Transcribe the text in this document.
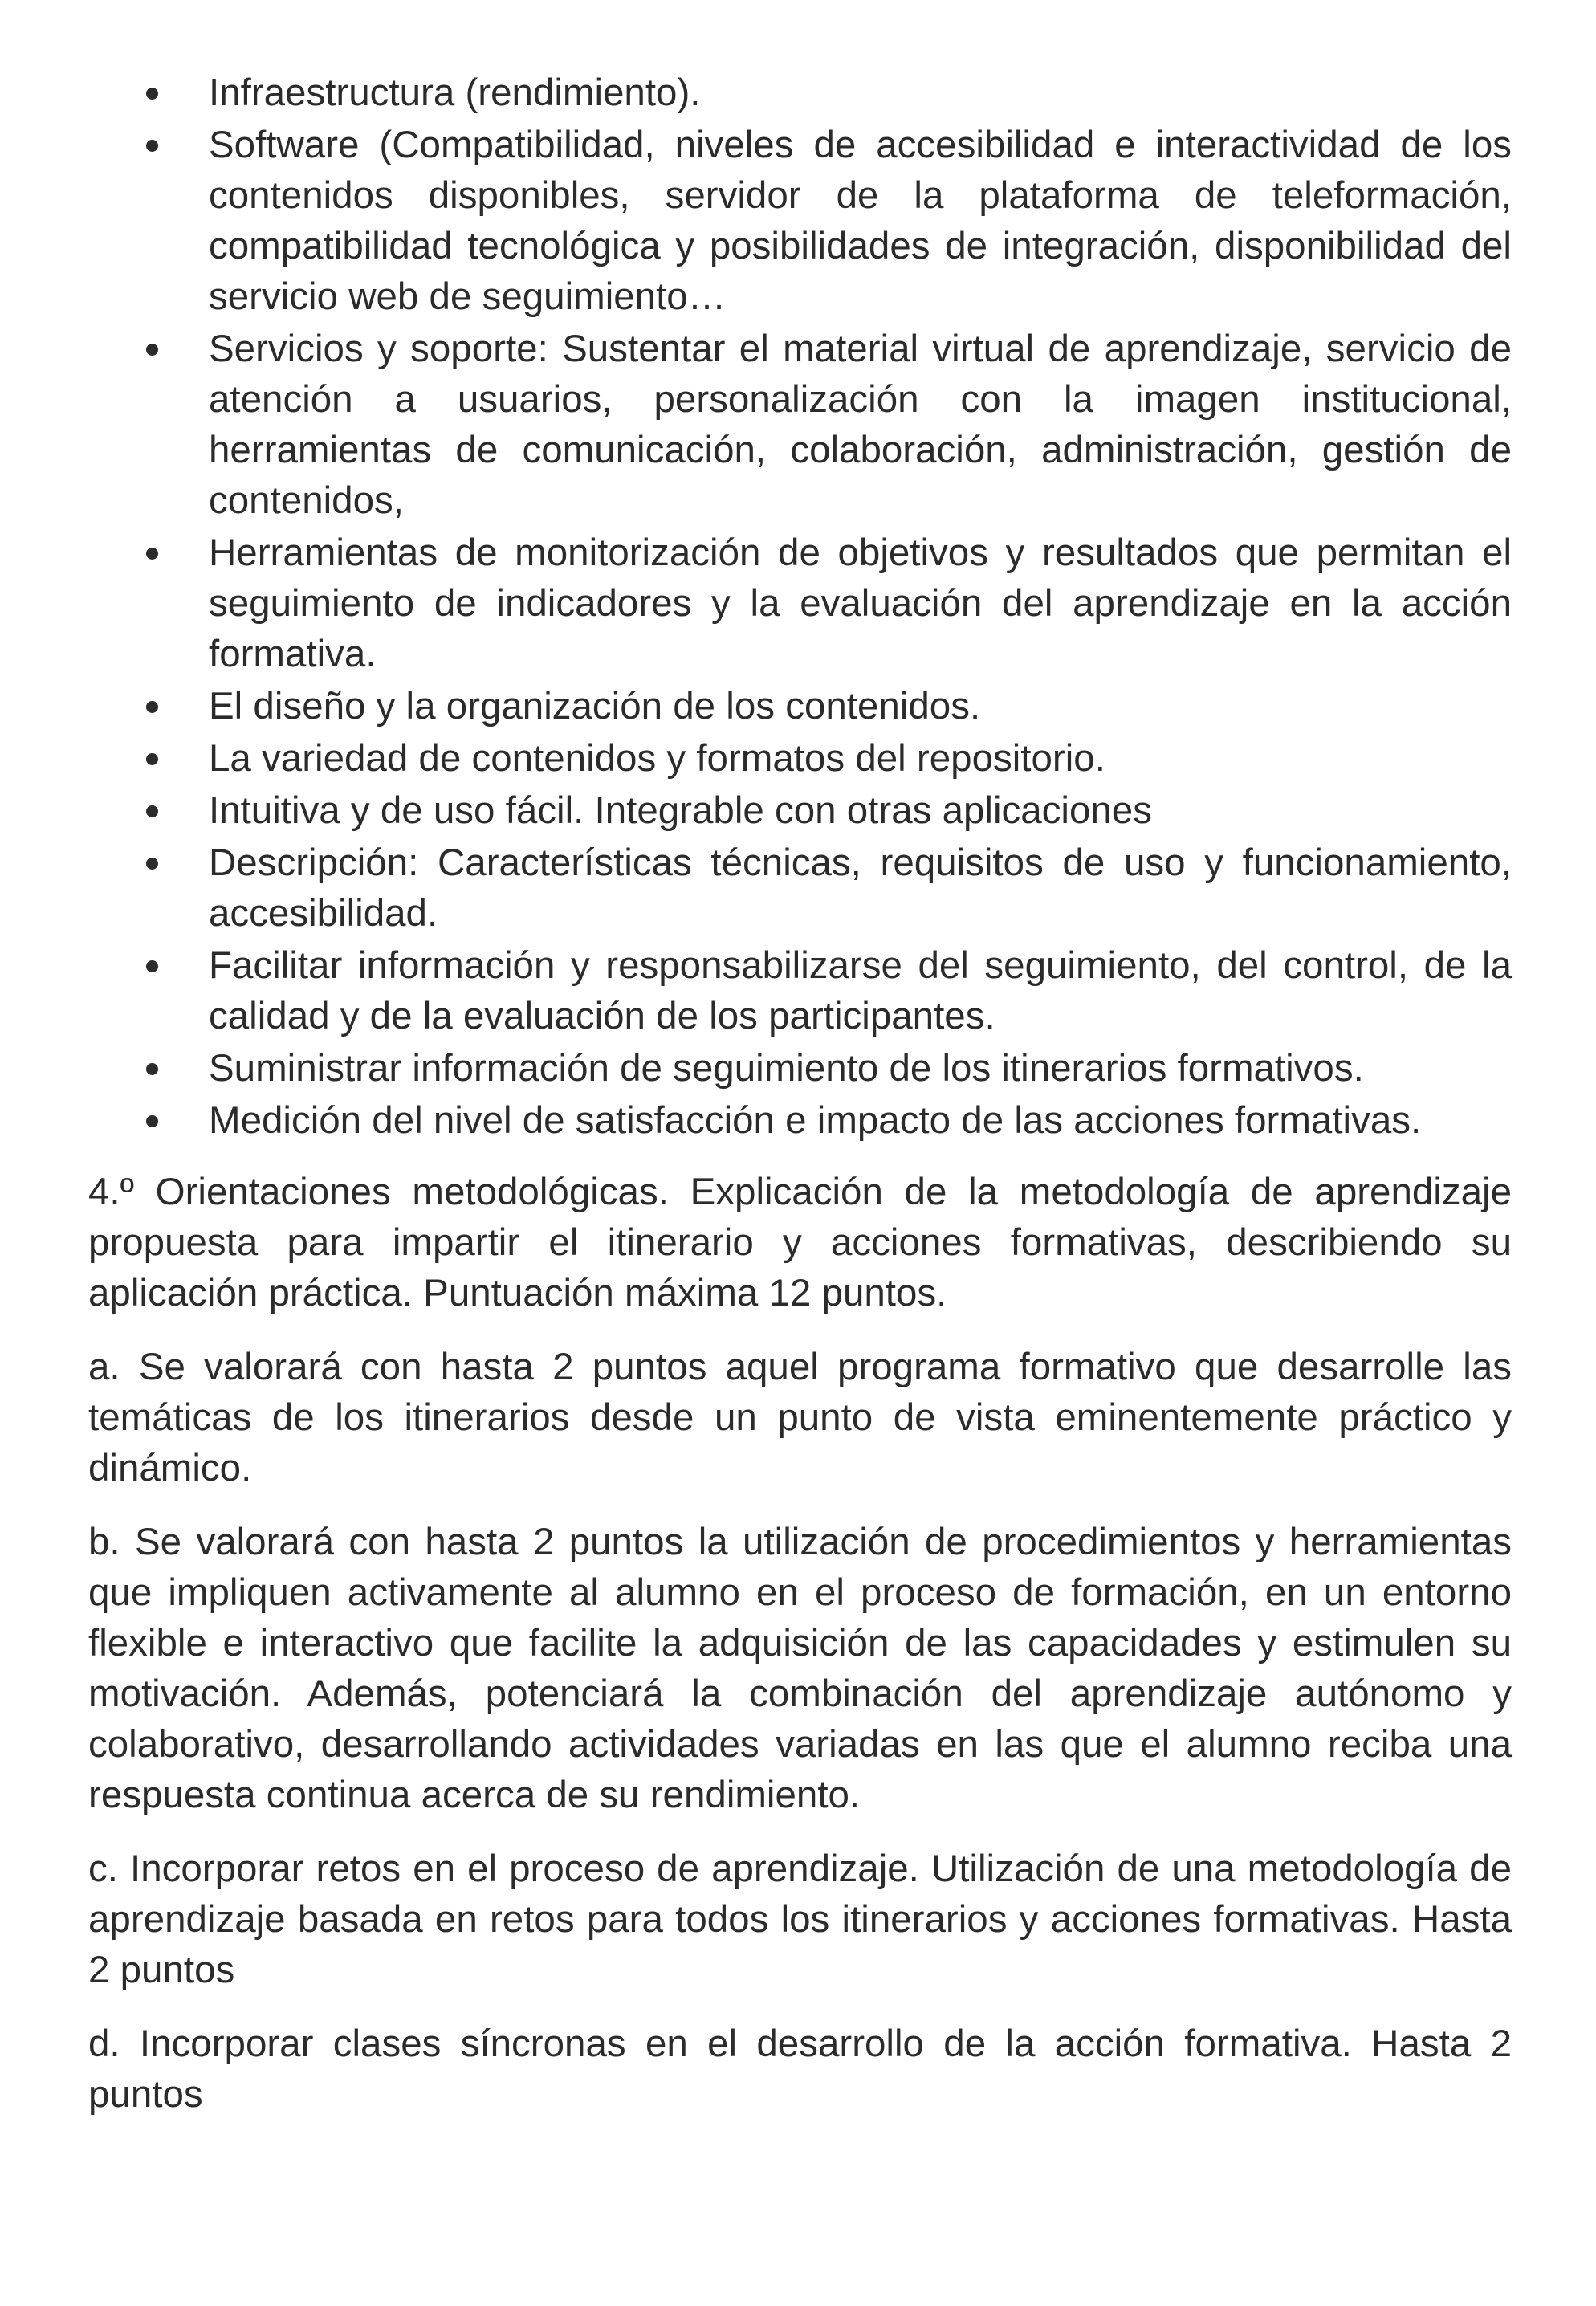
Infraestructura (rendimiento).
Software (Compatibilidad, niveles de accesibilidad e interactividad de los contenidos disponibles, servidor de la plataforma de teleformación, compatibilidad tecnológica y posibilidades de integración, disponibilidad del servicio web de seguimiento…
Servicios y soporte: Sustentar el material virtual de aprendizaje, servicio de atención a usuarios, personalización con la imagen institucional, herramientas de comunicación, colaboración, administración, gestión de contenidos,
Herramientas de monitorización de objetivos y resultados que permitan el seguimiento de indicadores y la evaluación del aprendizaje en la acción formativa.
El diseño y la organización de los contenidos.
La variedad de contenidos y formatos del repositorio.
Intuitiva y de uso fácil. Integrable con otras aplicaciones
Descripción: Características técnicas, requisitos de uso y funcionamiento, accesibilidad.
Facilitar información y responsabilizarse del seguimiento, del control, de la calidad y de la evaluación de los participantes.
Suministrar información de seguimiento de los itinerarios formativos.
Medición del nivel de satisfacción e impacto de las acciones formativas.

4.º Orientaciones metodológicas. Explicación de la metodología de aprendizaje propuesta para impartir el itinerario y acciones formativas, describiendo su aplicación práctica. Puntuación máxima 12 puntos.

a. Se valorará con hasta 2 puntos aquel programa formativo que desarrolle las temáticas de los itinerarios desde un punto de vista eminentemente práctico y dinámico.

b. Se valorará con hasta 2 puntos la utilización de procedimientos y herramientas que impliquen activamente al alumno en el proceso de formación, en un entorno flexible e interactivo que facilite la adquisición de las capacidades y estimulen su motivación. Además, potenciará la combinación del aprendizaje autónomo y colaborativo, desarrollando actividades variadas en las que el alumno reciba una respuesta continua acerca de su rendimiento.

c. Incorporar retos en el proceso de aprendizaje. Utilización de una metodología de aprendizaje basada en retos para todos los itinerarios y acciones formativas. Hasta 2 puntos

d. Incorporar clases síncronas en el desarrollo de la acción formativa. Hasta 2 puntos
